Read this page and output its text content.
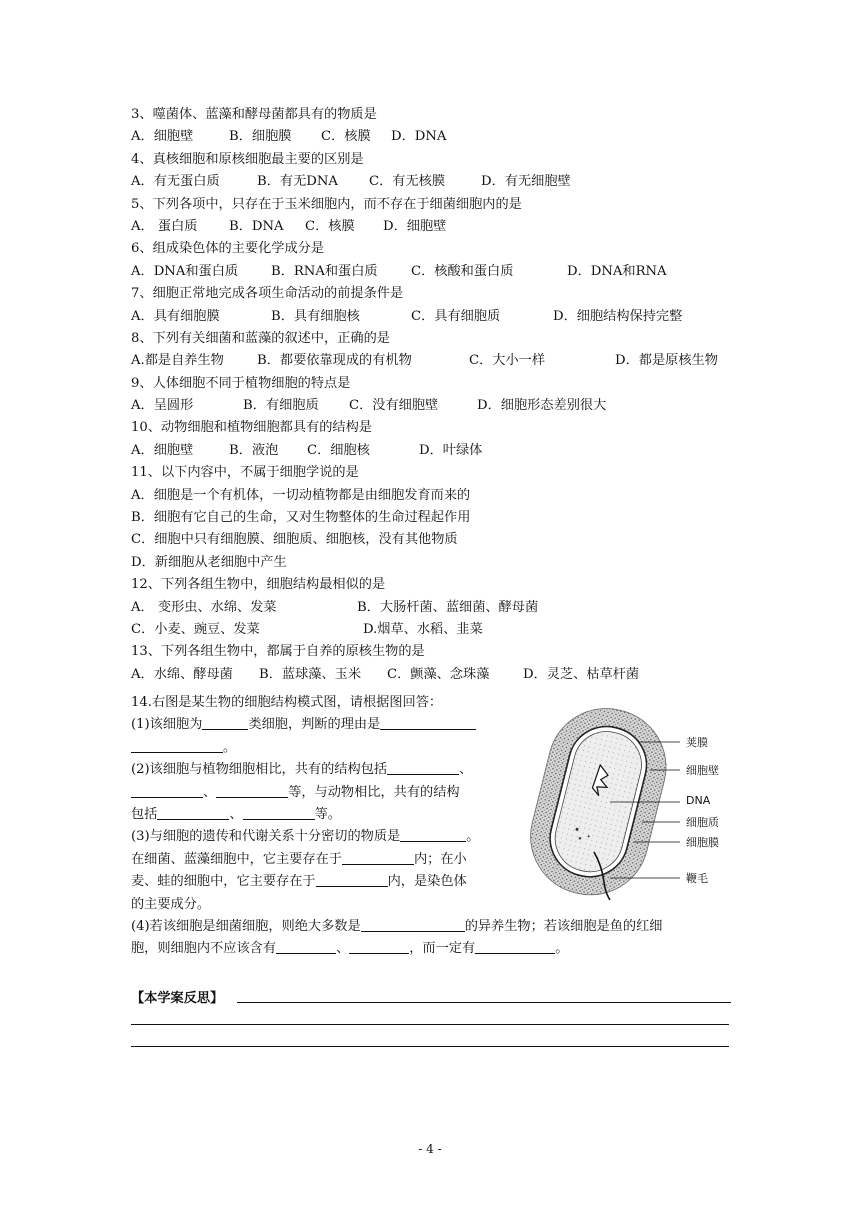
3、噬菌体、蓝藻和酵母菌都具有的物质是
A．细胞壁	B．细胞膜 C．核膜 D．DNA
4、真核细胞和原核细胞最主要的区别是
A．有无蛋白质	B．有无DNA C．有无核膜	D．有无细胞壁
5、下列各项中，只存在于玉米细胞内，而不存在于细菌细胞内的是
A． 蛋白质 B．DNA C．核膜 D．细胞壁
6、组成染色体的主要化学成分是
A．DNA和蛋白质 B．RNA和蛋白质	C．核酸和蛋白质	D．DNA和RNA
7、细胞正常地完成各项生命活动的前提条件是
A．具有细胞膜	B．具有细胞核	C．具有细胞质	D．细胞结构保持完整
8、下列有关细菌和蓝藻的叙述中，正确的是
A.都是自养生物	B．都要依靠现成的有机物	C．大小一样	D．都是原核生物
9、人体细胞不同于植物细胞的特点是
A．呈圆形	B．有细胞质 C．没有细胞壁	D．细胞形态差别很大
10、动物细胞和植物细胞都具有的结构是
A．细胞壁	B．液泡 C．细胞核	D．叶绿体
11、以下内容中，不属于细胞学说的是
A．细胞是一个有机体，一切动植物都是由细胞发育而来的
B．细胞有它自己的生命，又对生物整体的生命过程起作用
C．细胞中只有细胞膜、细胞质、细胞核，没有其他物质
D．新细胞从老细胞中产生
12、下列各组生物中，细胞结构最相似的是
A． 变形虫、水绵、发菜	B．大肠杆菌、蓝细菌、酵母菌
C．小麦、豌豆、发菜	D.烟草、水稻、韭菜
13、下列各组生物中，都属于自养的原核生物的是
A．水绵、酵母菌 B．蓝球藻、玉米 C．颤藻、念珠藻	D．灵芝、枯草杆菌
14.右图是某生物的细胞结构模式图，请根据图回答：
(1)该细胞为	类细胞，判断的理由是
。
(2)该细胞与植物细胞相比，共有的结构包括	、
、	等，与动物相比，共有的结构
包括	、	等。
(3)与细胞的遗传和代谢关系十分密切的物质是	。
在细菌、蓝藻细胞中，它主要存在于	内；在小
麦、蛙的细胞中，它主要存在于	内，是染色体
的主要成分。
(4)若该细胞是细菌细胞，则绝大多数是	的异养生物；若该细胞是鱼的红细
胞，则细胞内不应该含有	、	，而一定有	。
荚膜
细胞壁
DNA
细胞质
细胞膜
鞭毛
【本学案反思】
- 4 -
